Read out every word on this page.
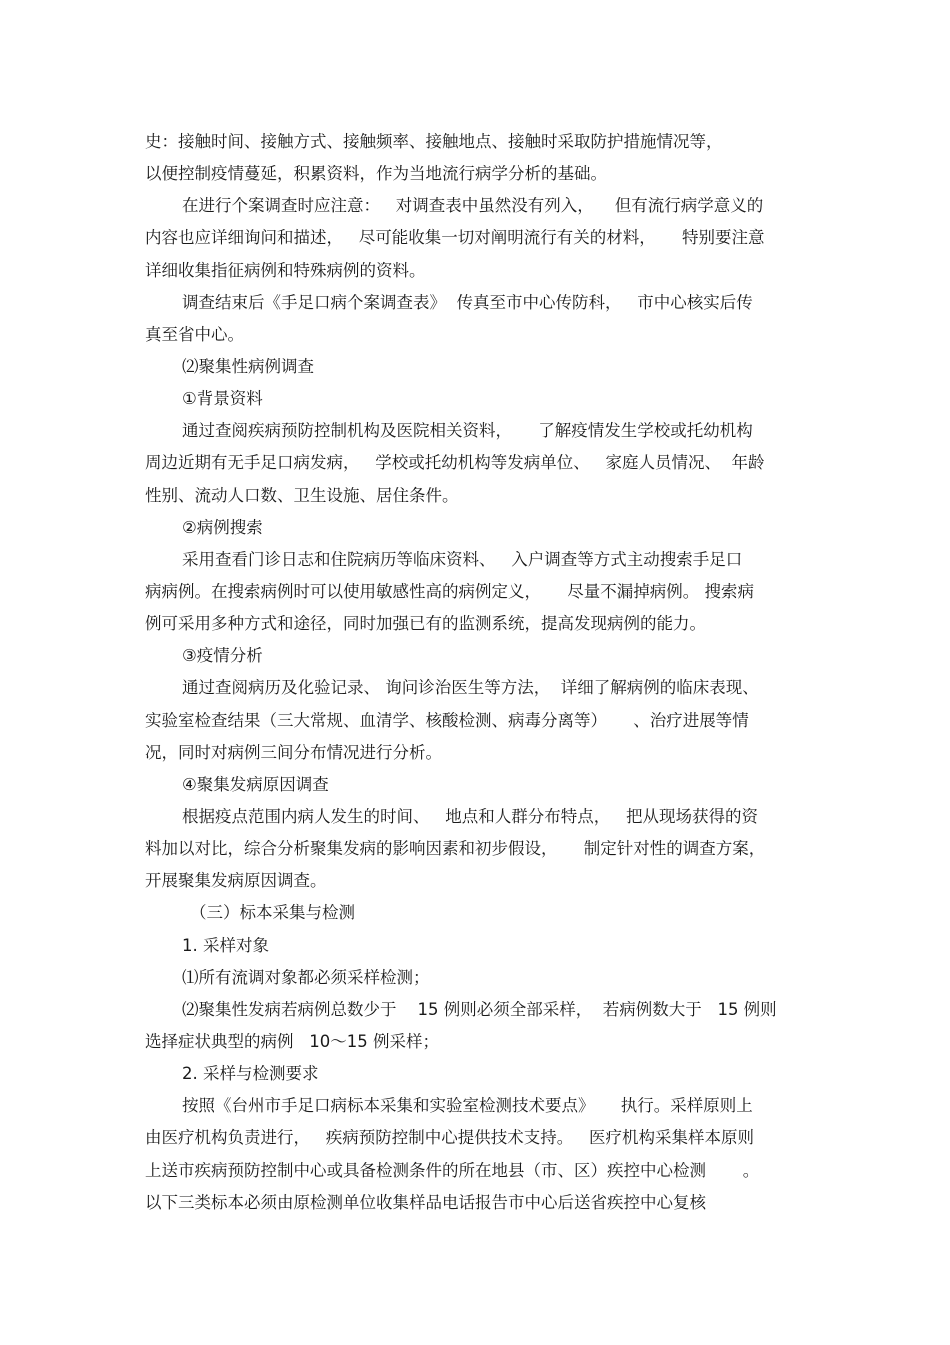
史：接触时间、接触方式、接触频率、接触地点、接触时采取防护措施情况等，
以便控制疫情蔓延，积累资料，作为当地流行病学分析的基础。
在进行个案调查时应注意：   对调查表中虽然没有列入，    但有流行病学意义的
内容也应详细询问和描述，   尽可能收集一切对阐明流行有关的材料，     特别要注意
详细收集指征病例和特殊病例的资料。
调查结束后《手足口病个案调查表》  传真至市中心传防科，   市中心核实后传
真至省中心。
⑵聚集性病例调查
①背景资料
通过查阅疾病预防控制机构及医院相关资料，     了解疫情发生学校或托幼机构
周边近期有无手足口病发病，   学校或托幼机构等发病单位、   家庭人员情况、  年龄
性别、流动人口数、卫生设施、居住条件。
②病例搜索
采用查看门诊日志和住院病历等临床资料、   入户调查等方式主动搜索手足口
病病例。在搜索病例时可以使用敏感性高的病例定义，     尽量不漏掉病例。 搜索病
例可采用多种方式和途径，同时加强已有的监测系统，提高发现病例的能力。
③疫情分析
通过查阅病历及化验记录、 询问诊治医生等方法，  详细了解病例的临床表现、
实验室检查结果（三大常规、血清学、核酸检测、病毒分离等）     、治疗进展等情
况，同时对病例三间分布情况进行分析。
④聚集发病原因调查
根据疫点范围内病人发生的时间、   地点和人群分布特点，   把从现场获得的资
料加以对比，综合分析聚集发病的影响因素和初步假设，     制定针对性的调查方案，
开展聚集发病原因调查。
（三）标本采集与检测
1. 采样对象
⑴所有流调对象都必须采样检测；
⑵聚集性发病若病例总数少于    15 例则必须全部采样，  若病例数大于   15 例则
选择症状典型的病例   10～15 例采样；
2. 采样与检测要求
按照《台州市手足口病标本采集和实验室检测技术要点》     执行。采样原则上
由医疗机构负责进行，   疾病预防控制中心提供技术支持。   医疗机构采集样本原则
上送市疾病预防控制中心或具备检测条件的所在地县（市、区）疾控中心检测       。
以下三类标本必须由原检测单位收集样品电话报告市中心后送省疾控中心复核
